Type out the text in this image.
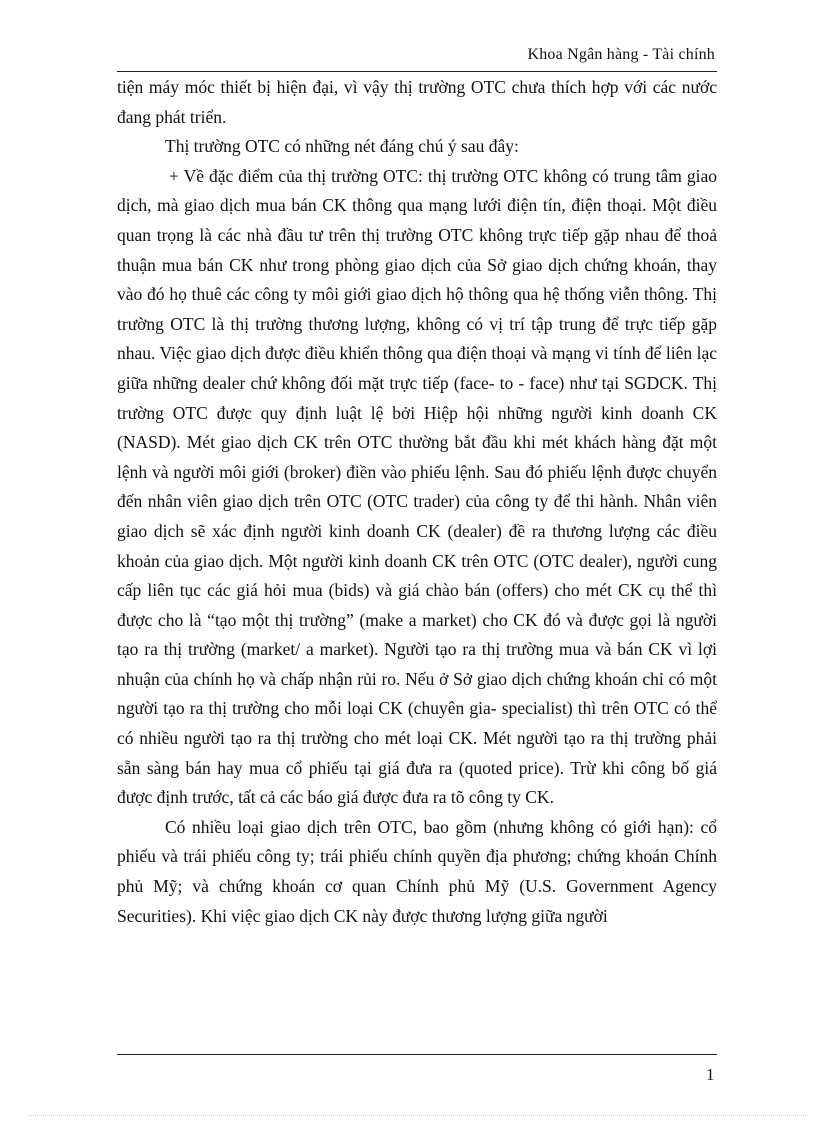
Khoa Ngân hàng - Tài chính

tiện máy móc thiết bị hiện đại, vì vậy thị trường OTC chưa thích hợp với các nước đang phát triển.

Thị trường OTC có những nét đáng chú ý sau đây:

+ Về đặc điểm của thị trường OTC: thị trường OTC không có trung tâm giao dịch, mà giao dịch mua bán CK thông qua mạng lưới điện tín, điện thoại. Một điều quan trọng là các nhà đầu tư trên thị trường OTC không trực tiếp gặp nhau để thoả thuận mua bán CK như trong phòng giao dịch của Sở giao dịch chứng khoán, thay vào đó họ thuê các công ty môi giới giao dịch hộ thông qua hệ thống viễn thông. Thị trường OTC là thị trường thương lượng, không có vị trí tập trung để trực tiếp gặp nhau. Việc giao dịch được điều khiển thông qua điện thoại và mạng vi tính để liên lạc giữa những dealer chứ không đối mặt trực tiếp (face- to - face) như tại SGDCK. Thị trường OTC được quy định luật lệ bởi Hiệp hội những người kinh doanh CK (NASD). Mét giao dịch CK trên OTC thường bắt đầu khi mét khách hàng đặt một lệnh và người môi giới (broker) điền vào phiếu lệnh. Sau đó phiếu lệnh được chuyển đến nhân viên giao dịch trên OTC (OTC trader) của công ty để thi hành. Nhân viên giao dịch sẽ xác định người kinh doanh CK (dealer) đề ra thương lượng các điều khoản của giao dịch. Một người kinh doanh CK trên OTC (OTC dealer), người cung cấp liên tục các giá hỏi mua (bids) và giá chào bán (offers) cho mét CK cụ thể thì được cho là “tạo một thị trường” (make a market) cho CK đó và được gọi là người tạo ra thị trường (market/ a market). Người tạo ra thị trường mua và bán CK vì lợi nhuận của chính họ và chấp nhận rủi ro. Nếu ở Sở giao dịch chứng khoán chỉ có một người tạo ra thị trường cho mỗi loại CK (chuyên gia- specialist) thì trên OTC có thể có nhiều người tạo ra thị trường cho mét loại CK. Mét người tạo ra thị trường phải sẵn sàng bán hay mua cổ phiếu tại giá đưa ra (quoted price). Trừ khi công bố giá được định trước, tất cả các báo giá được đưa ra tõ công ty CK.

Có nhiều loại giao dịch trên OTC, bao gồm (nhưng không có giới hạn): cổ phiếu và trái phiếu công ty; trái phiếu chính quyền địa phương; chứng khoán Chính phủ Mỹ; và chứng khoán cơ quan Chính phủ Mỹ (U.S. Government Agency Securities). Khi việc giao dịch CK này được thương lượng giữa người

1
